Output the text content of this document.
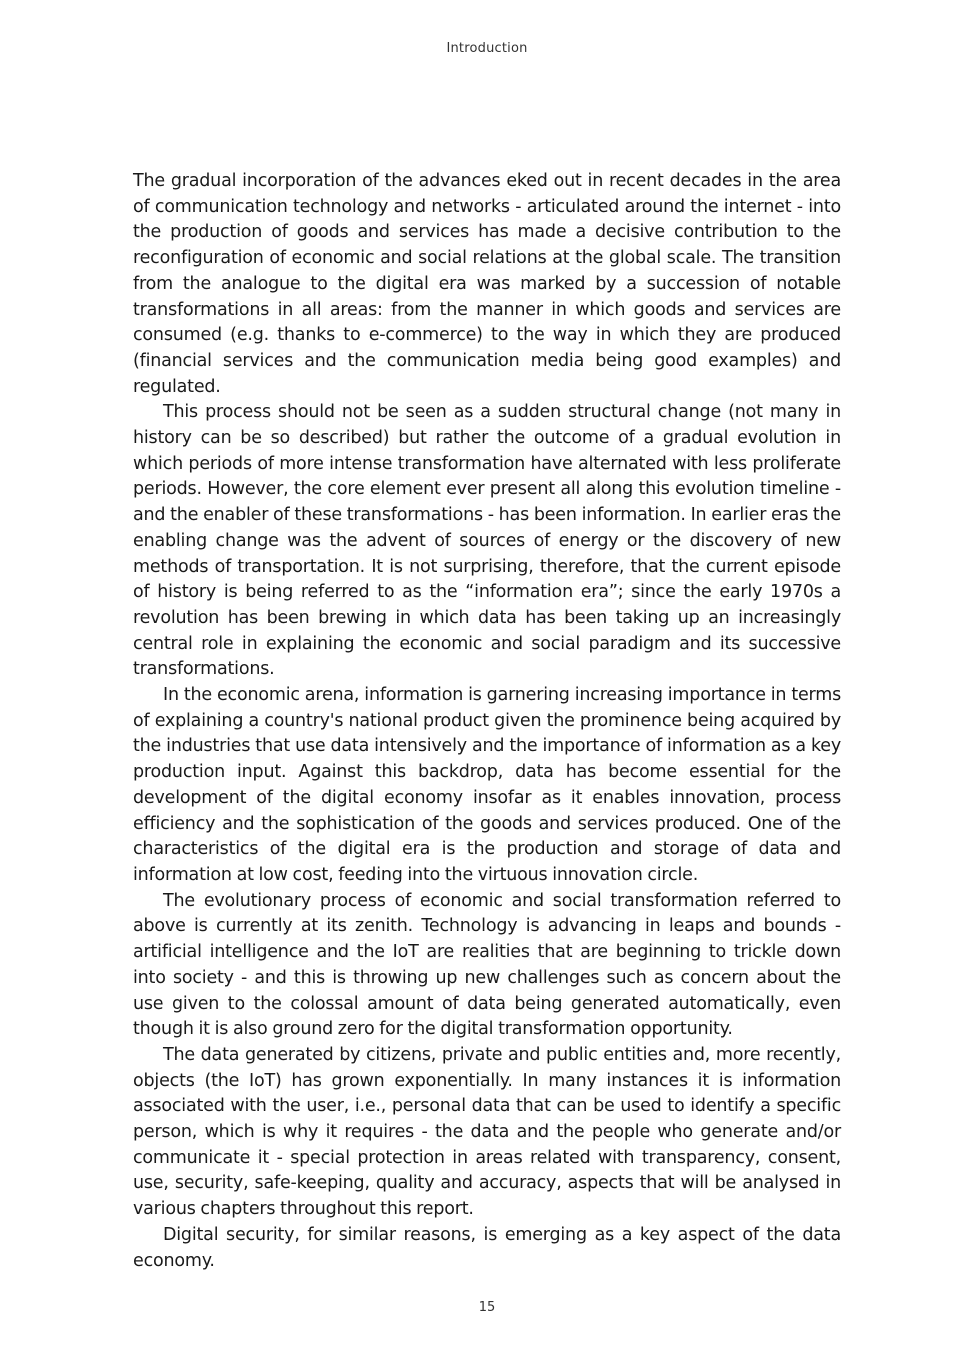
Introduction

The gradual incorporation of the advances eked out in recent decades in the area of communication technology and networks - articulated around the internet - into the production of goods and services has made a decisive contribution to the reconfiguration of economic and social relations at the global scale. The transition from the analogue to the digital era was marked by a succession of notable transformations in all areas: from the manner in which goods and services are consumed (e.g. thanks to e-commerce) to the way in which they are produced (financial services and the communication media being good examples) and regulated.

This process should not be seen as a sudden structural change (not many in history can be so described) but rather the outcome of a gradual evolution in which periods of more intense transformation have alternated with less proliferate periods. However, the core element ever present all along this evolution timeline - and the enabler of these transformations - has been information. In earlier eras the enabling change was the advent of sources of energy or the discovery of new methods of transportation. It is not surprising, therefore, that the current episode of history is being referred to as the “information era”; since the early 1970s a revolution has been brewing in which data has been taking up an increasingly central role in explaining the economic and social paradigm and its successive transformations.

In the economic arena, information is garnering increasing importance in terms of explaining a country's national product given the prominence being acquired by the industries that use data intensively and the importance of information as a key production input. Against this backdrop, data has become essential for the development of the digital economy insofar as it enables innovation, process efficiency and the sophistication of the goods and services produced. One of the characteristics of the digital era is the production and storage of data and information at low cost, feeding into the virtuous innovation circle.

The evolutionary process of economic and social transformation referred to above is currently at its zenith. Technology is advancing in leaps and bounds - artificial intelligence and the IoT are realities that are beginning to trickle down into society - and this is throwing up new challenges such as concern about the use given to the colossal amount of data being generated automatically, even though it is also ground zero for the digital transformation opportunity.

The data generated by citizens, private and public entities and, more recently, objects (the IoT) has grown exponentially. In many instances it is information associated with the user, i.e., personal data that can be used to identify a specific person, which is why it requires - the data and the people who generate and/or communicate it - special protection in areas related with transparency, consent, use, security, safe-keeping, quality and accuracy, aspects that will be analysed in various chapters throughout this report.

Digital security, for similar reasons, is emerging as a key aspect of the data economy.

15
